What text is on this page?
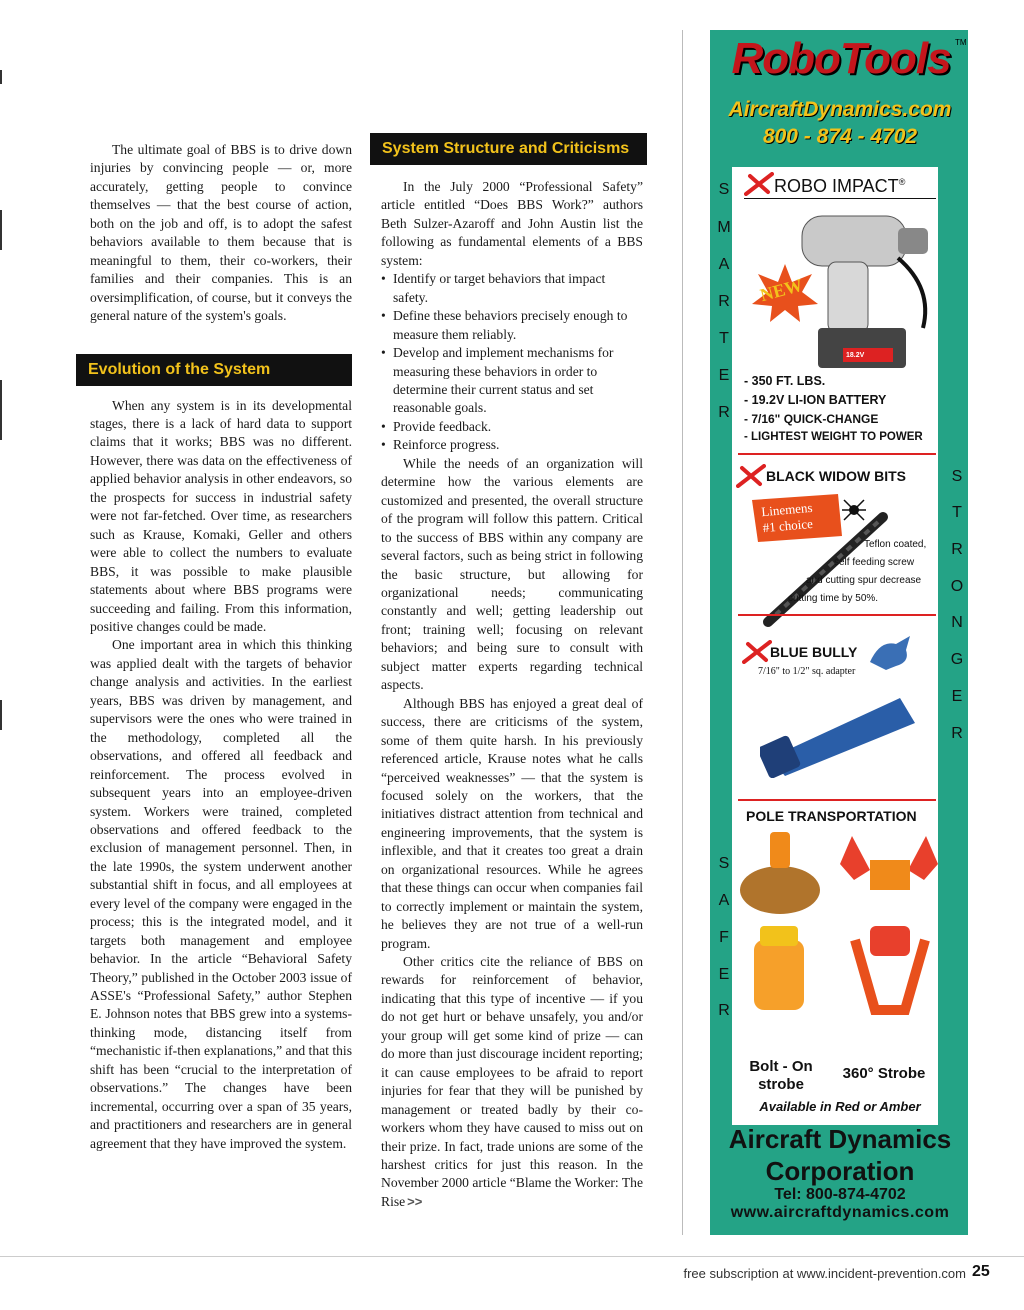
The ultimate goal of BBS is to drive down injuries by convincing people — or, more accurately, getting people to convince themselves — that the best course of action, both on the job and off, is to adopt the safest behaviors available to them because that is meaningful to them, their co-workers, their families and their companies. This is an oversimplification, of course, but it conveys the general nature of the system's goals.

When any system is in its developmental stages, there is a lack of hard data to support claims that it works; BBS was no different. However, there was data on the effectiveness of applied behavior analysis in other endeavors, so the prospects for success in industrial safety were not far-fetched. Over time, as researchers such as Krause, Komaki, Geller and others were able to collect the numbers to evaluate BBS, it was possible to make plausible statements about where BBS programs were succeeding and failing. From this information, positive changes could be made.

One important area in which this thinking was applied dealt with the targets of behavior change analysis and activities. In the earliest years, BBS was driven by management, and supervisors were the ones who were trained in the methodology, completed all the observations, and offered all feedback and reinforcement. The process evolved in subsequent years into an employee-driven system. Workers were trained, completed observations and offered feedback to the exclusion of management personnel. Then, in the late 1990s, the system underwent another substantial shift in focus, and all employees at every level of the company were engaged in the process; this is the integrated model, and it targets both management and employee behavior. In the article “Behavioral Safety Theory,” published in the October 2003 issue of ASSE's “Professional Safety,” author Stephen E. Johnson notes that BBS grew into a systems-thinking mode, distancing itself from “mechanistic if-then explanations,” and that this shift has been “crucial to the interpretation of observations.” The changes have been incremental, occurring over a span of 35 years, and practitioners and researchers are in general agreement that they have improved the system.

Evolution of the System
System Structure and Criticisms

In the July 2000 “Professional Safety” article entitled “Does BBS Work?” authors Beth Sulzer-Azaroff and John Austin list the following as fundamental elements of a BBS system:

• Identify or target behaviors that impact safety.
• Define these behaviors precisely enough to measure them reliably.
• Develop and implement mechanisms for measuring these behaviors in order to determine their current status and set reasonable goals.
• Provide feedback.
• Reinforce progress.

While the needs of an organization will determine how the various elements are customized and presented, the overall structure of the program will follow this pattern. Critical to the success of BBS within any company are several factors, such as being strict in following the basic structure, but allowing for organizational needs; communicating constantly and well; getting leadership out front; training well; focusing on relevant behaviors; and being sure to consult with subject matter experts regarding technical aspects.

Although BBS has enjoyed a great deal of success, there are criticisms of the system, some of them quite harsh. In his previously referenced article, Krause notes what he calls “perceived weaknesses” — that the system is focused solely on the workers, that the initiatives distract attention from technical and engineering improvements, that the system is inflexible, and that it creates too great a drain on organizational resources. While he agrees that these things can occur when companies fail to correctly implement or maintain the system, he believes they are not true of a well-run program.

Other critics cite the reliance of BBS on rewards for reinforcement of behavior, indicating that this type of incentive — if you do not get hurt or behave unsafely, you and/or your group will get some kind of prize — can do more than just discourage incident reporting; it can cause employees to be afraid to report injuries for fear that they will be punished by management or treated badly by their co-workers whom they have caused to miss out on their prize. In fact, trade unions are some of the harshest critics for just this reason. In the November 2000 article “Blame the Worker: The Rise >>

RoboTools TM
AircraftDynamics.com
800 - 874 - 4702
S
M
A
R
T
E
R
S
T
R
O
N
G
E
R
S
A
F
E
R
ROBO IMPACT®
NEW
18.2V
- 350 FT. LBS.
- 19.2V LI-ION BATTERY
- 7/16" QUICK-CHANGE
- LIGHTEST WEIGHT TO POWER
BLACK WIDOW BITS
Linemens
#1 choice
Teflon coated,
self feeding screw
and cutting spur decrease
cutting time by 50%.
BLUE BULLY
7/16" to 1/2" sq. adapter
POLE TRANSPORTATION
Bolt - On strobe
360° Strobe
Available in Red or Amber
Aircraft Dynamics
Corporation
Tel: 800-874-4702
www.aircraftdynamics.com
free subscription at www.incident-prevention.com 25
